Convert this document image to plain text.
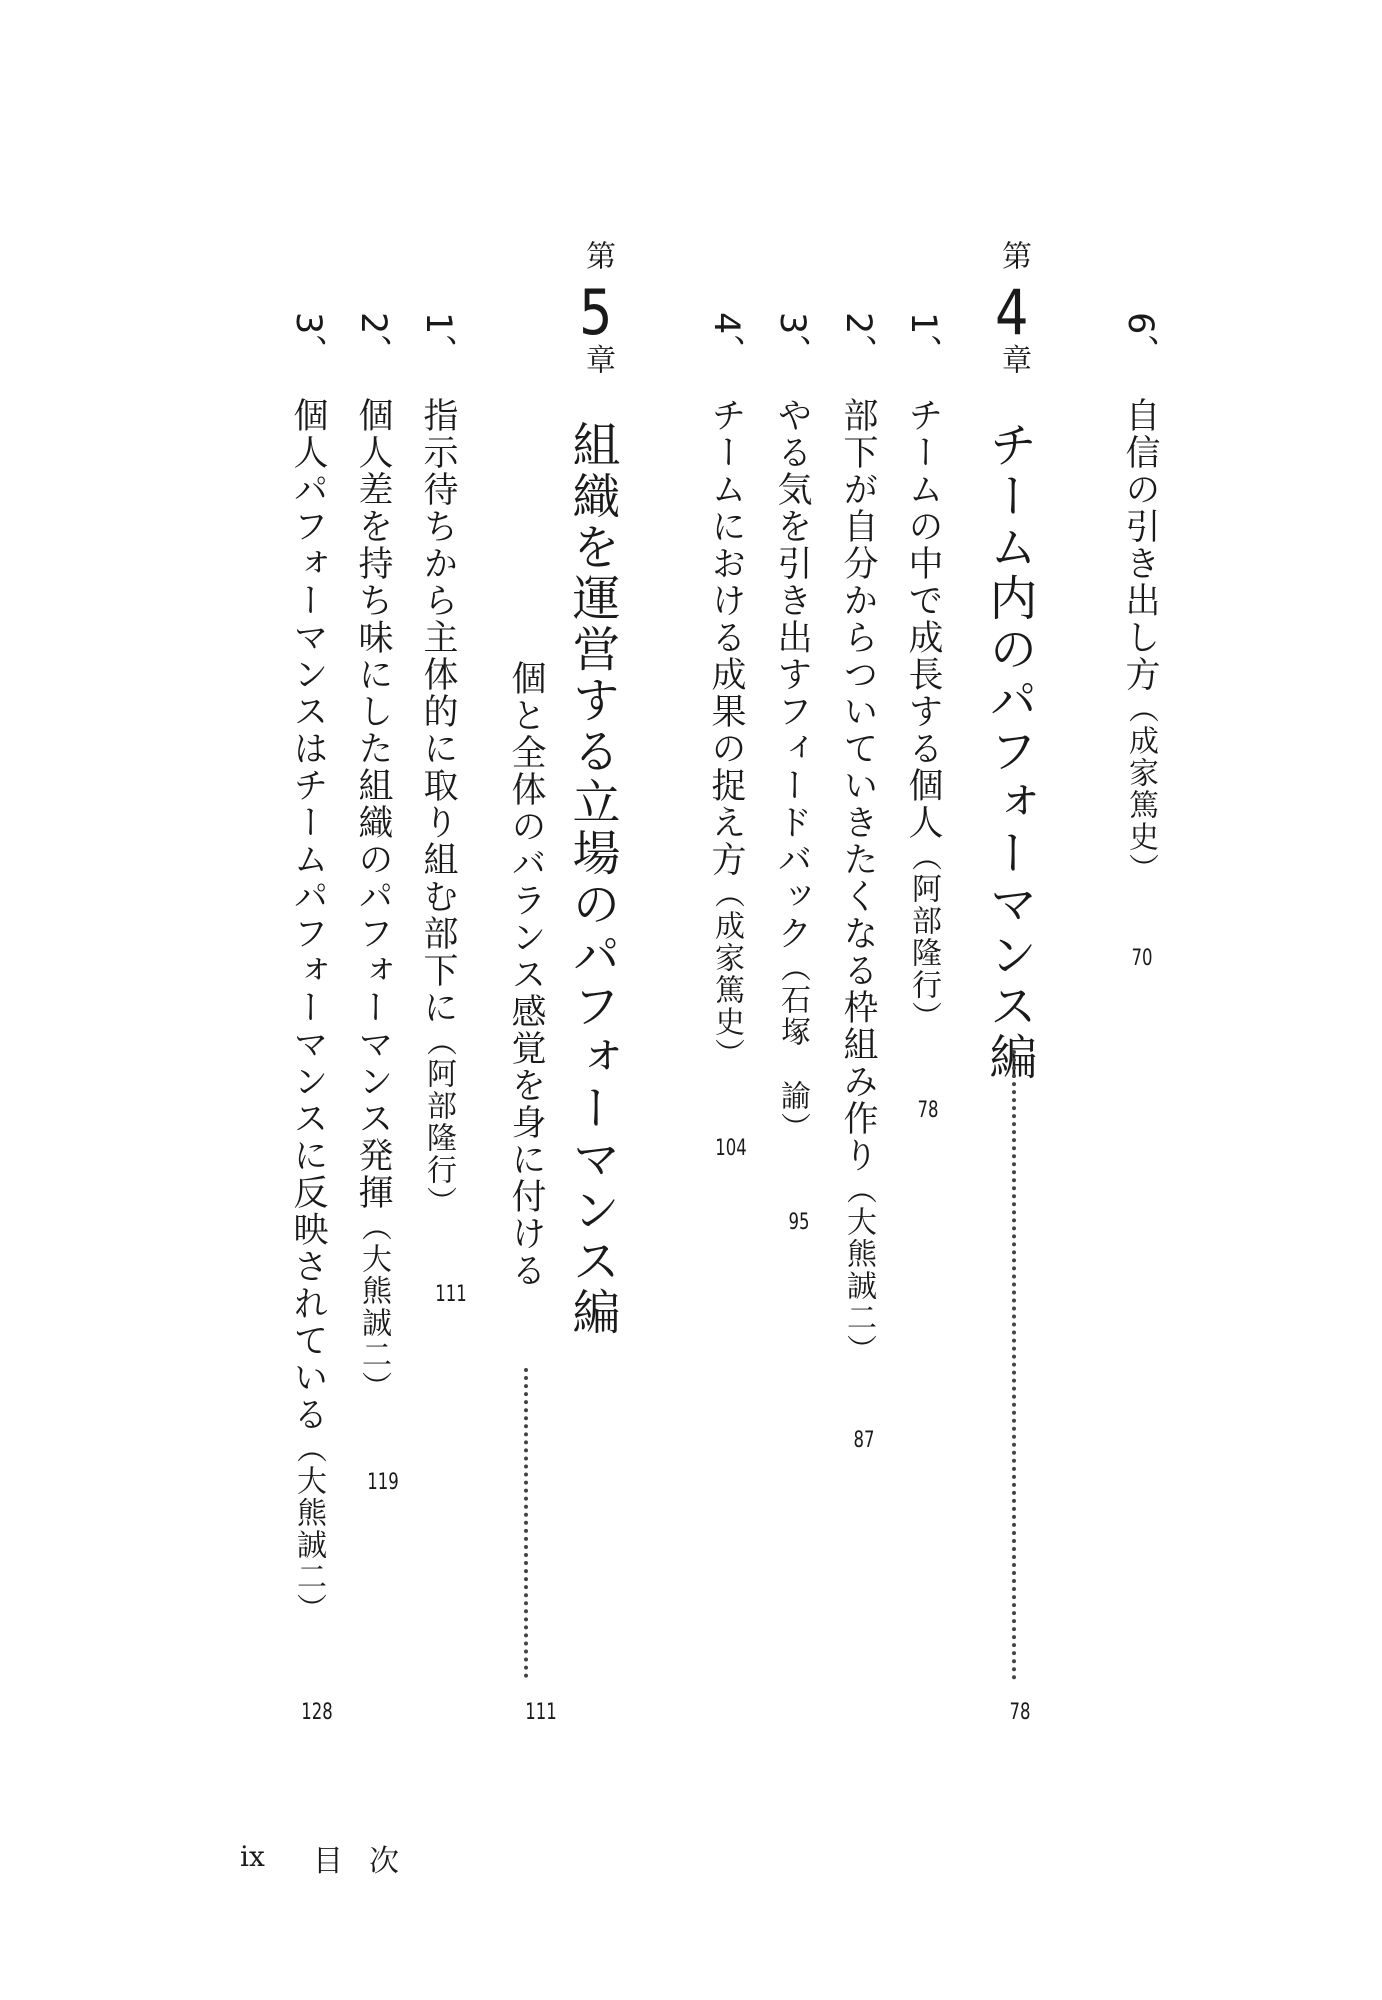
6、自信の引き出し方（成家篤史）
70
第
4
章
チーム内のパフォーマンス編
78
1、チームの中で成長する個人（阿部隆行）
78
2、部下が自分からついていきたくなる枠組み作り（大熊誠二）
87
3、やる気を引き出すフィードバック（石塚　諭）
95
4、チームにおける成果の捉え方（成家篤史）
104
第
5
章
組織を運営する立場のパフォーマンス編
個と全体のバランス感覚を身に付ける
111
1、指示待ちから主体的に取り組む部下に（阿部隆行）
111
2、個人差を持ち味にした組織のパフォーマンス発揮（大熊誠二）
119
3、個人パフォーマンスはチームパフォーマンスに反映されている（大熊誠二）
128
ix 目次
